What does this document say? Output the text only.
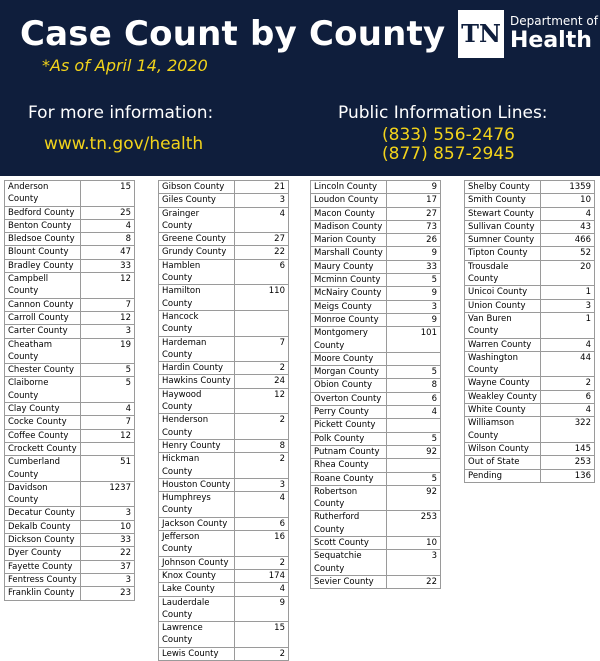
Case Count by County
*As of April 14, 2020
TN Department of
Health
For more information:
www.tn.gov/health
Public Information Lines:
(833) 556-2476
(877) 857-2945
Anderson County	15
Bedford County	25
Benton County	4
Bledsoe County	8
Blount County	47
Bradley County	33
Campbell County	12
Cannon County	7
Carroll County	12
Carter County	3
Cheatham County	19
Chester County	5
Claiborne County	5
Clay County	4
Cocke County	7
Coffee County	12
Crockett County	
Cumberland County	51
Davidson County	1237
Decatur County	3
Dekalb County	10
Dickson County	33
Dyer County	22
Fayette County	37
Fentress County	3
Franklin County	23
Gibson County	21
Giles County	3
Grainger County	4
Greene County	27
Grundy County	22
Hamblen County	6
Hamilton County	110
Hancock County	
Hardeman County	7
Hardin County	2
Hawkins County	24
Haywood County	12
Henderson County	2
Henry County	8
Hickman County	2
Houston County	3
Humphreys County	4
Jackson County	6
Jefferson County	16
Johnson County	2
Knox County	174
Lake County	4
Lauderdale County	9
Lawrence County	15
Lewis County	2
Lincoln County	9
Loudon County	17
Macon County	27
Madison County	73
Marion County	26
Marshall County	9
Maury County	33
Mcminn County	5
McNairy County	9
Meigs County	3
Monroe County	9
Montgomery County	101
Moore County	
Morgan County	5
Obion County	8
Overton County	6
Perry County	4
Pickett County	
Polk County	5
Putnam County	92
Rhea County	
Roane County	5
Robertson County	92
Rutherford County	253
Scott County	10
Sequatchie County	3
Sevier County	22
Shelby County	1359
Smith County	10
Stewart County	4
Sullivan County	43
Sumner County	466
Tipton County	52
Trousdale County	20
Unicoi County	1
Union County	3
Van Buren County	1
Warren County	4
Washington County	44
Wayne County	2
Weakley County	6
White County	4
Williamson County	322
Wilson County	145
Out of State	253
Pending	136
